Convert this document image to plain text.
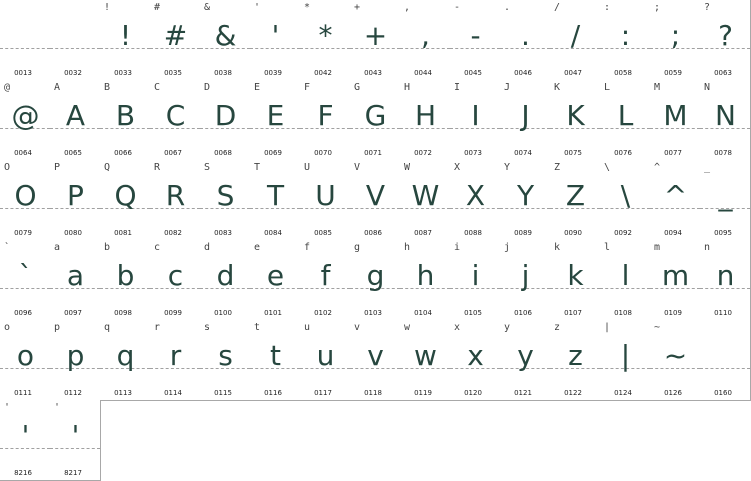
0013	0032
!
!
0033
#
#
0035
&
&
0038
'
'
0039
*
*
0042
+
+
0043
,
,
0044
-
-
0045
.
.
0046
/
/
0047
:
:
0058
;
;
0059
?
?
0063
@
@
0064
A
A
0065
B
B
0066
C
C
0067
D
D
0068
E
E
0069
F
F
0070
G
G
0071
H
H
0072
I
I
0073
J
J
0074
K
K
0075
L
L
0076
M
M
0077
N
N
0078
O
O
0079
P
P
0080
Q
Q
0081
R
R
0082
S
S
0083
T
T
0084
U
U
0085
V
V
0086
W
W
0087
X
X
0088
Y
Y
0089
Z
Z
0090
\
\
0092
^
^
0094
_
_
0095
`
`
0096
a
a
0097
b
b
0098
c
c
0099
d
d
0100
e
e
0101
f
f
0102
g
g
0103
h
h
0104
i
i
0105
j
j
0106
k
k
0107
l
l
0108
m
m
0109
n
n
0110
o
o
0111
p
p
0112
q
q
0113
r
r
0114
s
s
0115
t
t
0116
u
u
0117
v
v
0118
w
w
0119
x
x
0120
y
y
0121
z
z
0122
|
|
0124
~
~
0126	0160
'
'
8216
'
'
8217
